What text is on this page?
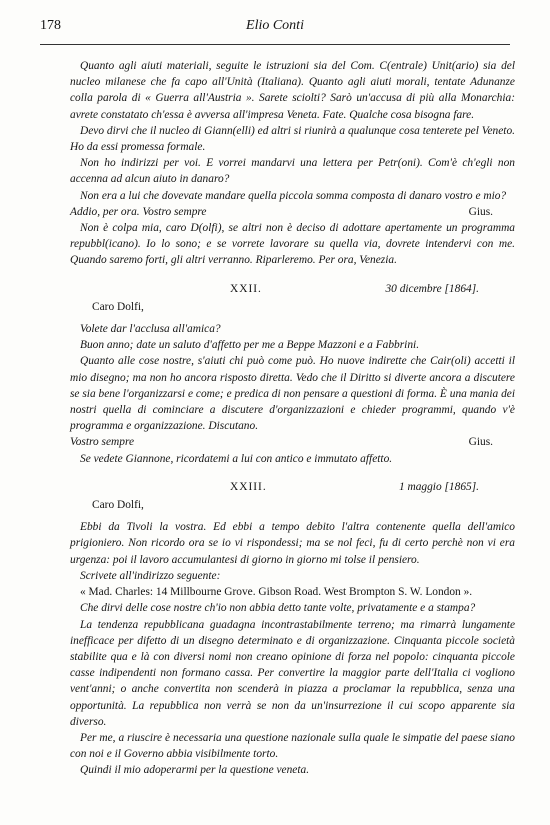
178	Elio Conti

Quanto agli aiuti materiali, seguite le istruzioni sia del Com. C(entrale) Unit(ario) sia del nucleo milanese che fa capo all'Unità (Italiana). Quanto agli aiuti morali, tentate Adunanze colla parola di « Guerra all'Austria ». Sarete sciolti? Sarò un'accusa di più alla Monarchia: avrete constatato ch'essa è avversa all'impresa Veneta. Fate. Qualche cosa bisogna fare.

Devo dirvi che il nucleo di Giann(elli) ed altri si riunirà a qualunque cosa tenterete pel Veneto. Ho da essi promessa formale.

Non ho indirizzi per voi. E vorrei mandarvi una lettera per Petr(oni). Com'è ch'egli non accenna ad alcun aiuto in danaro?

Non era a lui che dovevate mandare quella piccola somma composta di danaro vostro e mio?

Addio, per ora. Vostro sempre	Gius.

Non è colpa mia, caro D(olfi), se altri non è deciso di adottare apertamente un programma repubbl(icano). Io lo sono; e se vorrete lavorare su quella via, dovrete intendervi con me. Quando saremo forti, gli altri verranno. Riparleremo. Per ora, Venezia.

XXII.	30 dicembre [1864].
Caro Dolfi,

Volete dar l'acclusa all'amica?

Buon anno; date un saluto d'affetto per me a Beppe Mazzoni e a Fabbrini.

Quanto alle cose nostre, s'aiuti chi può come può. Ho nuove indirette che Cair(oli) accetti il mio disegno; ma non ho ancora risposto diretta. Vedo che il Diritto si diverte ancora a discutere se sia bene l'organizzarsi e come; e predica di non pensare a questioni di forma. È una mania dei nostri quella di cominciare a discutere d'organizzazioni e chieder programmi, quando v'è programma e organizzazione. Discutano.

Vostro sempre	Gius.

Se vedete Giannone, ricordatemi a lui con antico e immutato affetto.

XXIII.	1 maggio [1865].
Caro Dolfi,

Ebbi da Tivoli la vostra. Ed ebbi a tempo debito l'altra contenente quella dell'amico prigioniero. Non ricordo ora se io vi rispondessi; ma se nol feci, fu di certo perchè non vi era urgenza: poi il lavoro accumulantesi di giorno in giorno mi tolse il pensiero.

Scrivete all'indirizzo seguente:

« Mad. Charles: 14 Millbourne Grove. Gibson Road. West Brompton S. W. London ».

Che dirvi delle cose nostre ch'io non abbia detto tante volte, privatamente e a stampa?

La tendenza repubblicana guadagna incontrastabilmente terreno; ma rimarrà lungamente inefficace per difetto di un disegno determinato e di organizzazione. Cinquanta piccole società stabilite qua e là con diversi nomi non creano opinione di forza nel popolo: cinquanta piccole casse indipendenti non formano cassa. Per convertire la maggior parte dell'Italia ci vogliono vent'anni; o anche convertita non scenderà in piazza a proclamar la repubblica, senza una opportunità. La repubblica non verrà se non da un'insurrezione il cui scopo apparente sia diverso.

Per me, a riuscire è necessaria una questione nazionale sulla quale le simpatie del paese siano con noi e il Governo abbia visibilmente torto.

Quindi il mio adoperarmi per la questione veneta.
